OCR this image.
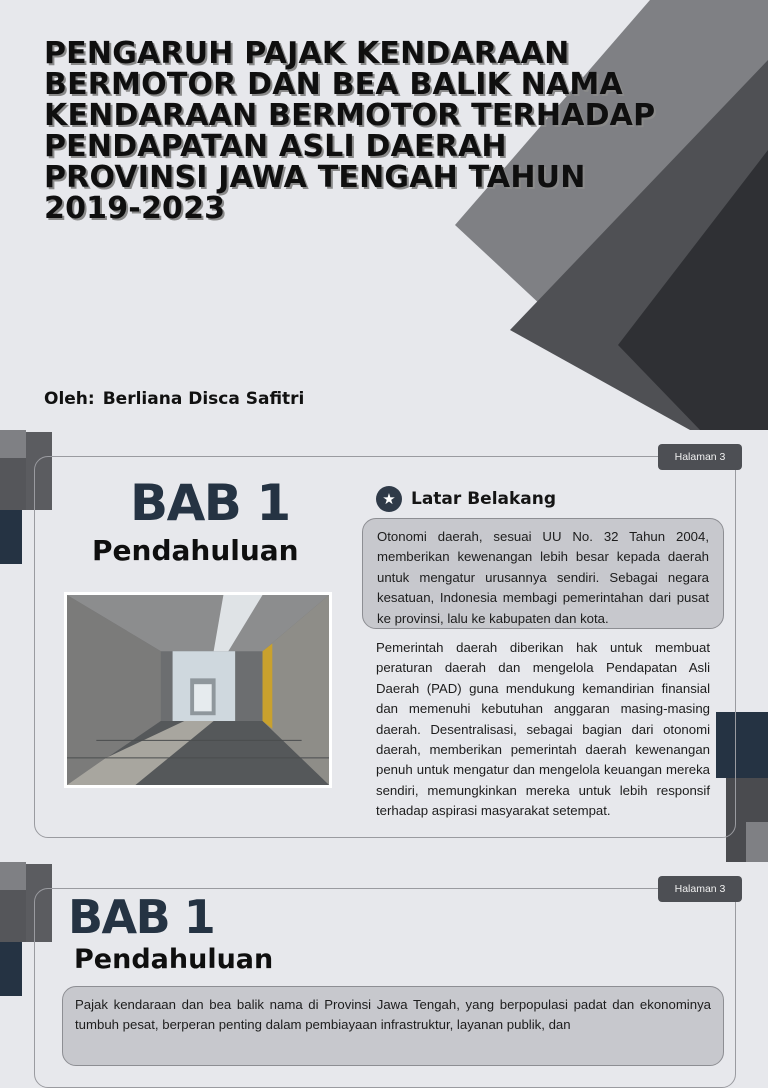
PENGARUH PAJAK KENDARAAN
BERMOTOR DAN BEA BALIK NAMA
KENDARAAN BERMOTOR TERHADAP
PENDAPATAN ASLI DAERAH
PROVINSI JAWA TENGAH TAHUN
2019-2023
Oleh: Berliana Disca Safitri
Halaman 3
BAB 1
Pendahuluan
★ Latar Belakang

Otonomi daerah, sesuai UU No. 32 Tahun 2004, memberikan kewenangan lebih besar kepada daerah untuk mengatur urusannya sendiri. Sebagai negara kesatuan, Indonesia membagi pemerintahan dari pusat ke provinsi, lalu ke kabupaten dan kota.

Pemerintah daerah diberikan hak untuk membuat peraturan daerah dan mengelola Pendapatan Asli Daerah (PAD) guna mendukung kemandirian finansial dan memenuhi kebutuhan anggaran masing-masing daerah. Desentralisasi, sebagai bagian dari otonomi daerah, memberikan pemerintah daerah kewenangan penuh untuk mengatur dan mengelola keuangan mereka sendiri, memungkinkan mereka untuk lebih responsif terhadap aspirasi masyarakat setempat.

Halaman 3
BAB 1
Pendahuluan

Pajak kendaraan dan bea balik nama di Provinsi Jawa Tengah, yang berpopulasi padat dan ekonominya tumbuh pesat, berperan penting dalam pembiayaan infrastruktur, layanan publik, dan
